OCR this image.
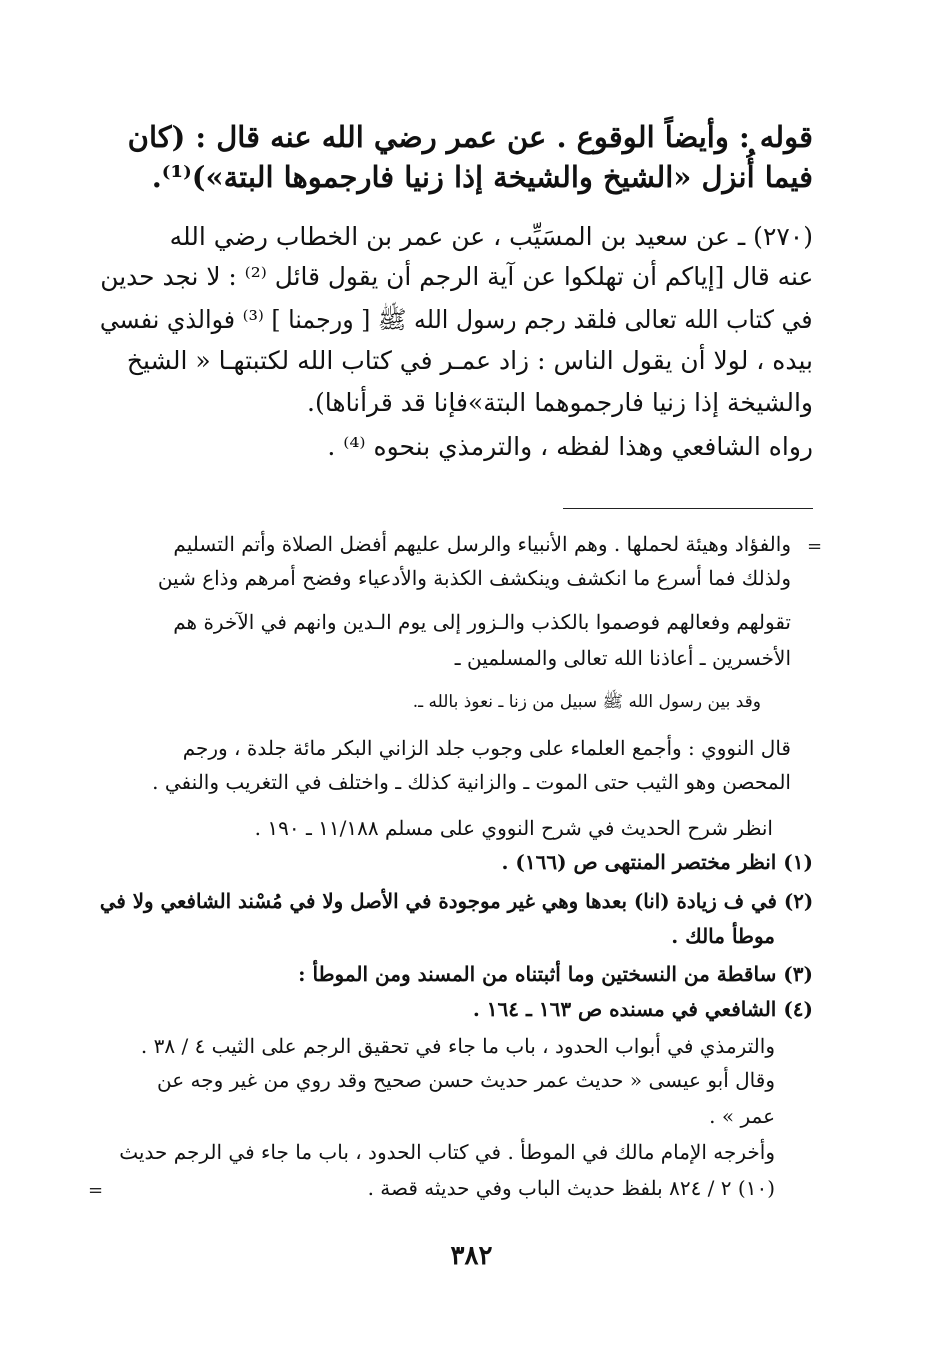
قوله : وأيضاً الوقوع . عن عمر رضي الله عنه قال : (كان
فيما أُنزل «الشيخ والشيخة إذا زنيا فارجموها البتة»)⁽¹⁾.
(٢٧٠) ـ عن سعيد بن المسَيِّب ، عن عمر بن الخطاب رضي الله
عنه قال [إياكم أن تهلكوا عن آية الرجم أن يقول قائل ⁽²⁾ : لا نجد حدين
في كتاب الله تعالى فلقد رجم رسول الله ﷺ [ ورجمنا ] ⁽³⁾ فوالذي نفسي
بيده ، لولا أن يقول الناس : زاد عمـر في كتاب الله لكتبتهـا « الشيخ
والشيخة إذا زنيا فارجموهما البتة»فإنا قد قرأناها).
رواه الشافعي وهذا لفظه ، والترمذي بنحوه ⁽⁴⁾ .
=
=
والفؤاد وهيئة لحملها . وهم الأنبياء والرسل عليهم أفضل الصلاة وأتم التسليم
ولذلك فما أسرع ما انكشف وينكشف الكذبة والأدعياء وفضح أمرهم وذاع شين
تقولهم وفعالهم فوصموا بالكذب والـزور إلى يوم الـدين وانهم في الآخرة هم
الأخسرين ـ أعاذنا الله تعالى والمسلمين ـ
وقد بين رسول الله ﷺ سبيل من زنا ـ نعوذ بالله ـ.
قال النووي : وأجمع العلماء على وجوب جلد الزاني البكر مائة جلدة ، ورجم
المحصن وهو الثيب حتى الموت ـ والزانية كذلك ـ واختلف في التغريب والنفي .
انظر شرح الحديث في شرح النووي على مسلم ١١/١٨٨ ـ ١٩٠ .
(١) انظر مختصر المنتهى ص (١٦٦) .
(٢) في ف زيادة (انا) بعدها وهي غير موجودة في الأصل ولا في مُسْند الشافعي ولا في
موطأ مالك .
(٣) ساقطة من النسختين وما أثبتناه من المسند ومن الموطأ :
(٤) الشافعي في مسنده ص ١٦٣ ـ ١٦٤ .
والترمذي في أبواب الحدود ، باب ما جاء في تحقيق الرجم على الثيب ٤ / ٣٨ .
وقال أبو عيسى « حديث عمر حديث حسن صحيح وقد روي من غير وجه عن
عمر » .
وأخرجه الإمام مالك في الموطأ . في كتاب الحدود ، باب ما جاء في الرجم حديث
(١٠) ٢ / ٨٢٤ بلفظ حديث الباب وفي حديثه قصة .
٣٨٢
